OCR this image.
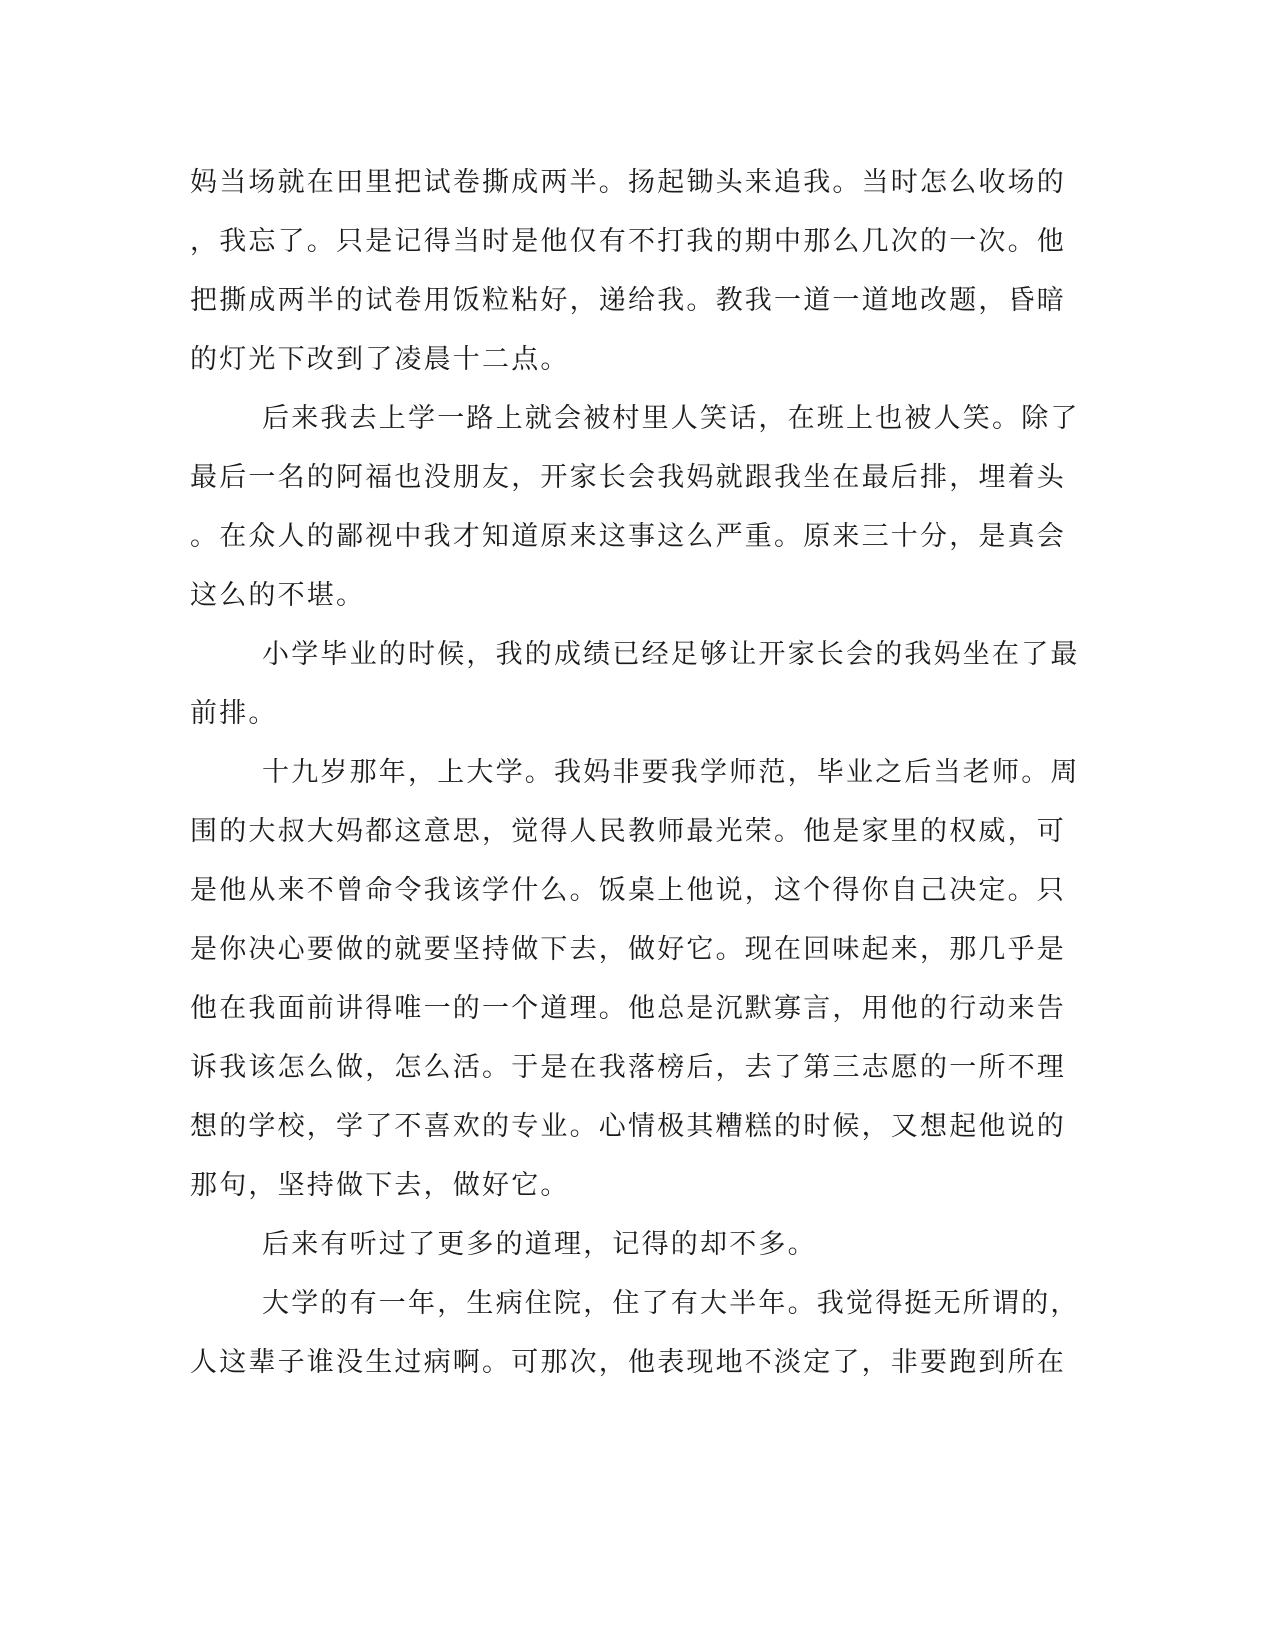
妈当场就在田里把试卷撕成两半。扬起锄头来追我。当时怎么收场的
，我忘了。只是记得当时是他仅有不打我的期中那么几次的一次。他
把撕成两半的试卷用饭粒粘好，递给我。教我一道一道地改题，昏暗
的灯光下改到了凌晨十二点。
后来我去上学一路上就会被村里人笑话，在班上也被人笑。除了
最后一名的阿福也没朋友，开家长会我妈就跟我坐在最后排，埋着头
。在众人的鄙视中我才知道原来这事这么严重。原来三十分，是真会
这么的不堪。
小学毕业的时候，我的成绩已经足够让开家长会的我妈坐在了最
前排。
十九岁那年，上大学。我妈非要我学师范，毕业之后当老师。周
围的大叔大妈都这意思，觉得人民教师最光荣。他是家里的权威，可
是他从来不曾命令我该学什么。饭桌上他说，这个得你自己决定。只
是你决心要做的就要坚持做下去，做好它。现在回味起来，那几乎是
他在我面前讲得唯一的一个道理。他总是沉默寡言，用他的行动来告
诉我该怎么做，怎么活。于是在我落榜后，去了第三志愿的一所不理
想的学校，学了不喜欢的专业。心情极其糟糕的时候，又想起他说的
那句，坚持做下去，做好它。
后来有听过了更多的道理，记得的却不多。
大学的有一年，生病住院，住了有大半年。我觉得挺无所谓的，
人这辈子谁没生过病啊。可那次，他表现地不淡定了，非要跑到所在
